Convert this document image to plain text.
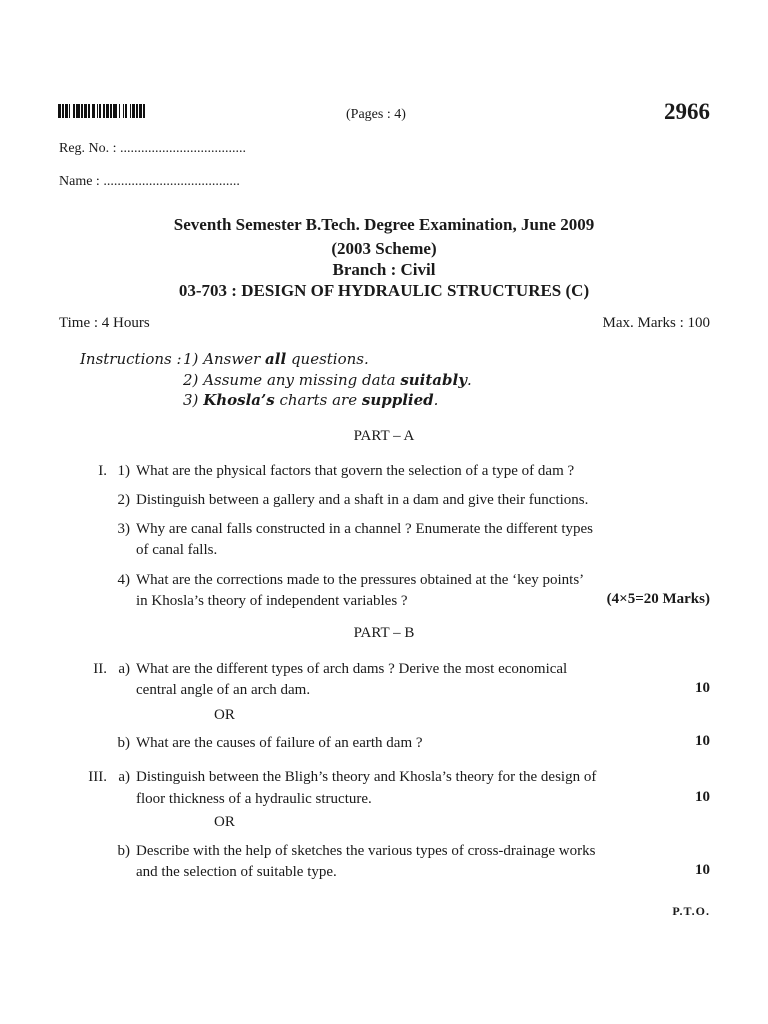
(Pages : 4)	2966
Reg. No. : ....................................
Name : .......................................
Seventh Semester B.Tech. Degree Examination, June 2009
(2003 Scheme)
Branch : Civil
03-703 : DESIGN OF HYDRAULIC STRUCTURES (C)
Time : 4 Hours	Max. Marks : 100
Instructions : 1) Answer all questions.
2) Assume any missing data suitably.
3) Khosla’s charts are supplied.
PART – A
I. 1) What are the physical factors that govern the selection of a type of dam ?
2) Distinguish between a gallery and a shaft in a dam and give their functions.
3) Why are canal falls constructed in a channel ? Enumerate the different types
of canal falls.
4) What are the corrections made to the pressures obtained at the ‘key points’
in Khosla’s theory of independent variables ?	(4×5=20 Marks)
PART – B
II. a) What are the different types of arch dams ? Derive the most economical
central angle of an arch dam.	10
OR
b) What are the causes of failure of an earth dam ?	10
III. a) Distinguish between the Bligh’s theory and Khosla’s theory for the design of
floor thickness of a hydraulic structure.	10
OR
b) Describe with the help of sketches the various types of cross-drainage works
and the selection of suitable type.	10
P.T.O.
